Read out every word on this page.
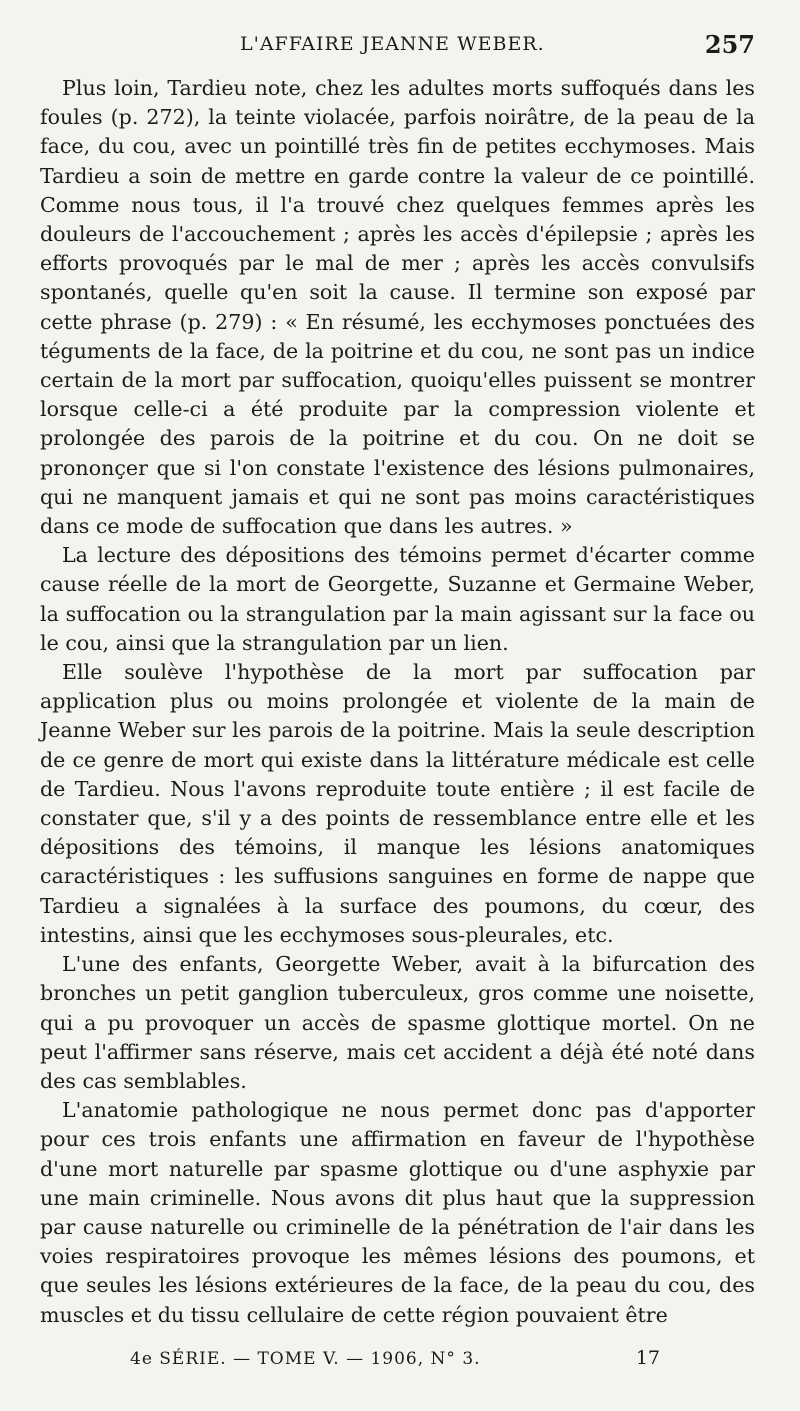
L'AFFAIRE JEANNE WEBER.	257

Plus loin, Tardieu note, chez les adultes morts suffoqués dans les foules (p. 272), la teinte violacée, parfois noirâtre, de la peau de la face, du cou, avec un pointillé très fin de petites ecchymoses. Mais Tardieu a soin de mettre en garde contre la valeur de ce pointillé. Comme nous tous, il l'a trouvé chez quelques femmes après les douleurs de l'accouchement ; après les accès d'épilepsie ; après les efforts provoqués par le mal de mer ; après les accès convulsifs spontanés, quelle qu'en soit la cause. Il termine son exposé par cette phrase (p. 279) : « En résumé, les ecchymoses ponctuées des téguments de la face, de la poitrine et du cou, ne sont pas un indice certain de la mort par suffocation, quoiqu'elles puissent se montrer lorsque celle-ci a été produite par la compression violente et prolongée des parois de la poitrine et du cou. On ne doit se prononçer que si l'on constate l'existence des lésions pulmonaires, qui ne manquent jamais et qui ne sont pas moins caractéristiques dans ce mode de suffocation que dans les autres. »

La lecture des dépositions des témoins permet d'écarter comme cause réelle de la mort de Georgette, Suzanne et Germaine Weber, la suffocation ou la strangulation par la main agissant sur la face ou le cou, ainsi que la strangulation par un lien.

Elle soulève l'hypothèse de la mort par suffocation par application plus ou moins prolongée et violente de la main de Jeanne Weber sur les parois de la poitrine. Mais la seule description de ce genre de mort qui existe dans la littérature médicale est celle de Tardieu. Nous l'avons reproduite toute entière ; il est facile de constater que, s'il y a des points de ressemblance entre elle et les dépositions des témoins, il manque les lésions anatomiques caractéristiques : les suffusions sanguines en forme de nappe que Tardieu a signalées à la surface des poumons, du cœur, des intestins, ainsi que les ecchymoses sous-pleurales, etc.

L'une des enfants, Georgette Weber, avait à la bifurcation des bronches un petit ganglion tuberculeux, gros comme une noisette, qui a pu provoquer un accès de spasme glottique mortel. On ne peut l'affirmer sans réserve, mais cet accident a déjà été noté dans des cas semblables.

L'anatomie pathologique ne nous permet donc pas d'apporter pour ces trois enfants une affirmation en faveur de l'hypothèse d'une mort naturelle par spasme glottique ou d'une asphyxie par une main criminelle. Nous avons dit plus haut que la suppression par cause naturelle ou criminelle de la pénétration de l'air dans les voies respiratoires provoque les mêmes lésions des poumons, et que seules les lésions extérieures de la face, de la peau du cou, des muscles et du tissu cellulaire de cette région pouvaient être

4e SÉRIE. — TOME V. — 1906, N° 3.	17
